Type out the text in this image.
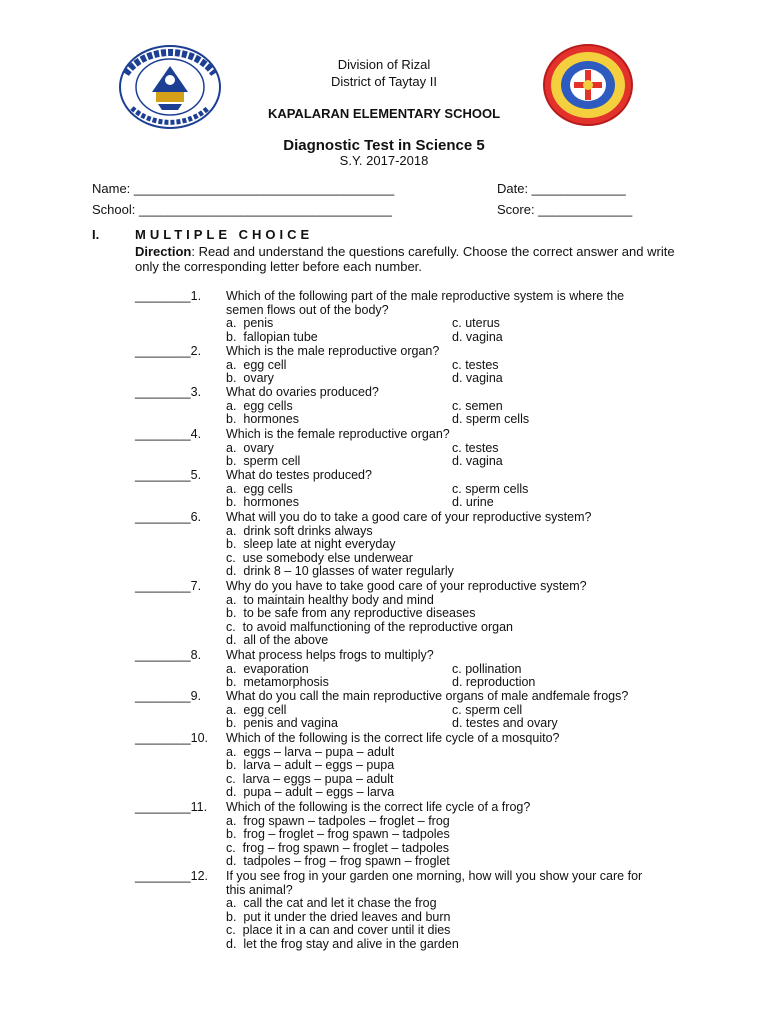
Division of Rizal
District of Taytay II
KAPALARAN ELEMENTARY SCHOOL
Diagnostic Test in Science 5
S.Y. 2017-2018
Name: ____________________________________	Date: _____________
School: ___________________________________	Score: _____________
I.	MULTIPLE CHOICE
Direction: Read and understand the questions carefully. Choose the correct answer and write only the corresponding letter before each number.
________1. Which of the following part of the male reproductive system is where the semen flows out of the body?
a.  penis	c. uterus
b.  fallopian tube	d. vagina
________2. Which is the male reproductive organ?
a.  egg cell	c. testes
b.  ovary	d. vagina
________3. What do ovaries produced?
a.  egg cells	c. semen
b.  hormones	d. sperm cells
________4. Which is the female reproductive organ?
a.  ovary	c. testes
b.  sperm cell	d. vagina
________5. What do testes produced?
a.  egg cells	c. sperm cells
b.  hormones	d. urine
________6. What will you do to take a good care of your reproductive system?
a.  drink soft drinks always
b.  sleep late at night everyday
c.  use somebody else underwear
d.  drink 8 – 10 glasses of water regularly
________7. Why do you have to take good care of your reproductive system?
a.  to maintain healthy body and mind
b.  to be safe from any reproductive diseases
c.  to avoid malfunctioning of the reproductive organ
d.  all of the above
________8. What process helps frogs to multiply?
a.  evaporation	c. pollination
b.  metamorphosis	d. reproduction
________9. What do you call the main reproductive organs of male andfemale frogs?
a.  egg cell	c. sperm cell
b.  penis and vagina	d. testes and ovary
________10. Which of the following is the correct life cycle of a mosquito?
a.  eggs – larva – pupa – adult
b.  larva – adult – eggs – pupa
c.  larva – eggs – pupa – adult
d.  pupa – adult – eggs – larva
________11. Which of the following is the correct life cycle of a frog?
a.  frog spawn – tadpoles – froglet – frog
b.  frog – froglet – frog spawn – tadpoles
c.  frog – frog spawn – froglet – tadpoles
d.  tadpoles – frog – frog spawn – froglet
________12. If you see frog in your garden one morning, how will you show your care for this animal?
a.  call the cat and let it chase the frog
b.  put it under the dried leaves and burn
c.  place it in a can and cover until it dies
d.  let the frog stay and alive in the garden
